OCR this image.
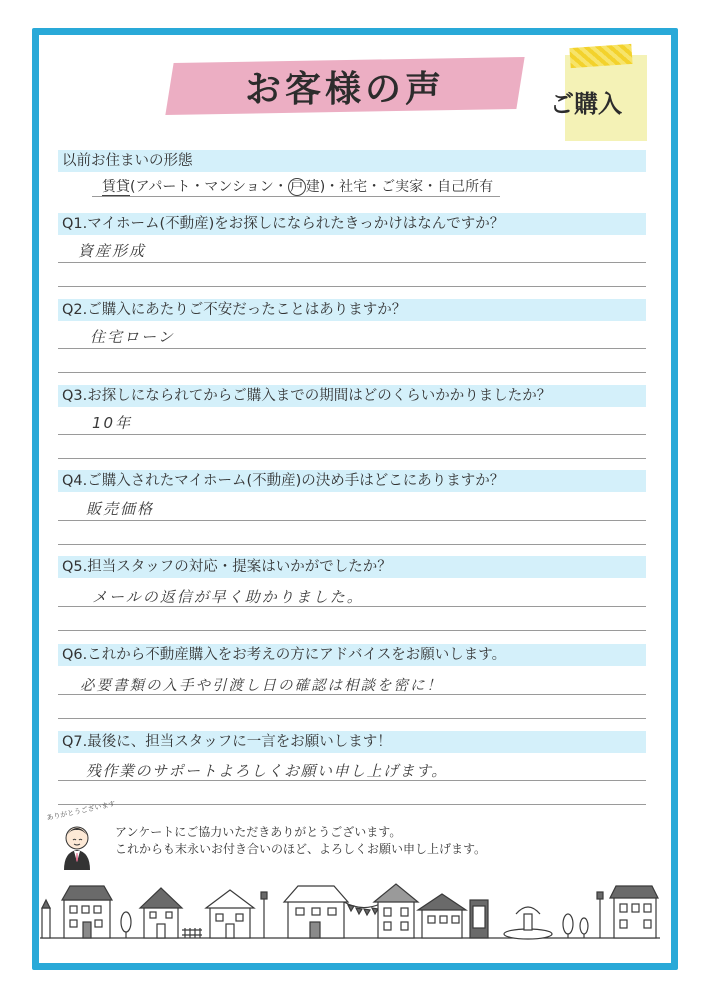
お客様の声	ご購入
以前お住まいの形態
賃貸(アパート・マンション・ 戸 建)・社宅・ご実家・自己所有
Q1.マイホーム(不動産)をお探しになられたきっかけはなんですか？
資産形成
Q2.ご購入にあたりご不安だったことはありますか？
住宅ローン
Q3.お探しになられてからご購入までの期間はどのくらいかかりましたか？
10年
Q4.ご購入されたマイホーム(不動産)の決め手はどこにありますか？
販売価格
Q5.担当スタッフの対応・提案はいかがでしたか？
メールの返信が早く助かりました。
Q6.これから不動産購入をお考えの方にアドバイスをお願いします。
必要書類の入手や引渡し日の確認は相談を密に！
Q7.最後に、担当スタッフに一言をお願いします！
残作業のサポートよろしくお願い申し上げます。
ありがとうございます
アンケートにご協力いただきありがとうございます。
これからも末永いお付き合いのほど、よろしくお願い申し上げます。
